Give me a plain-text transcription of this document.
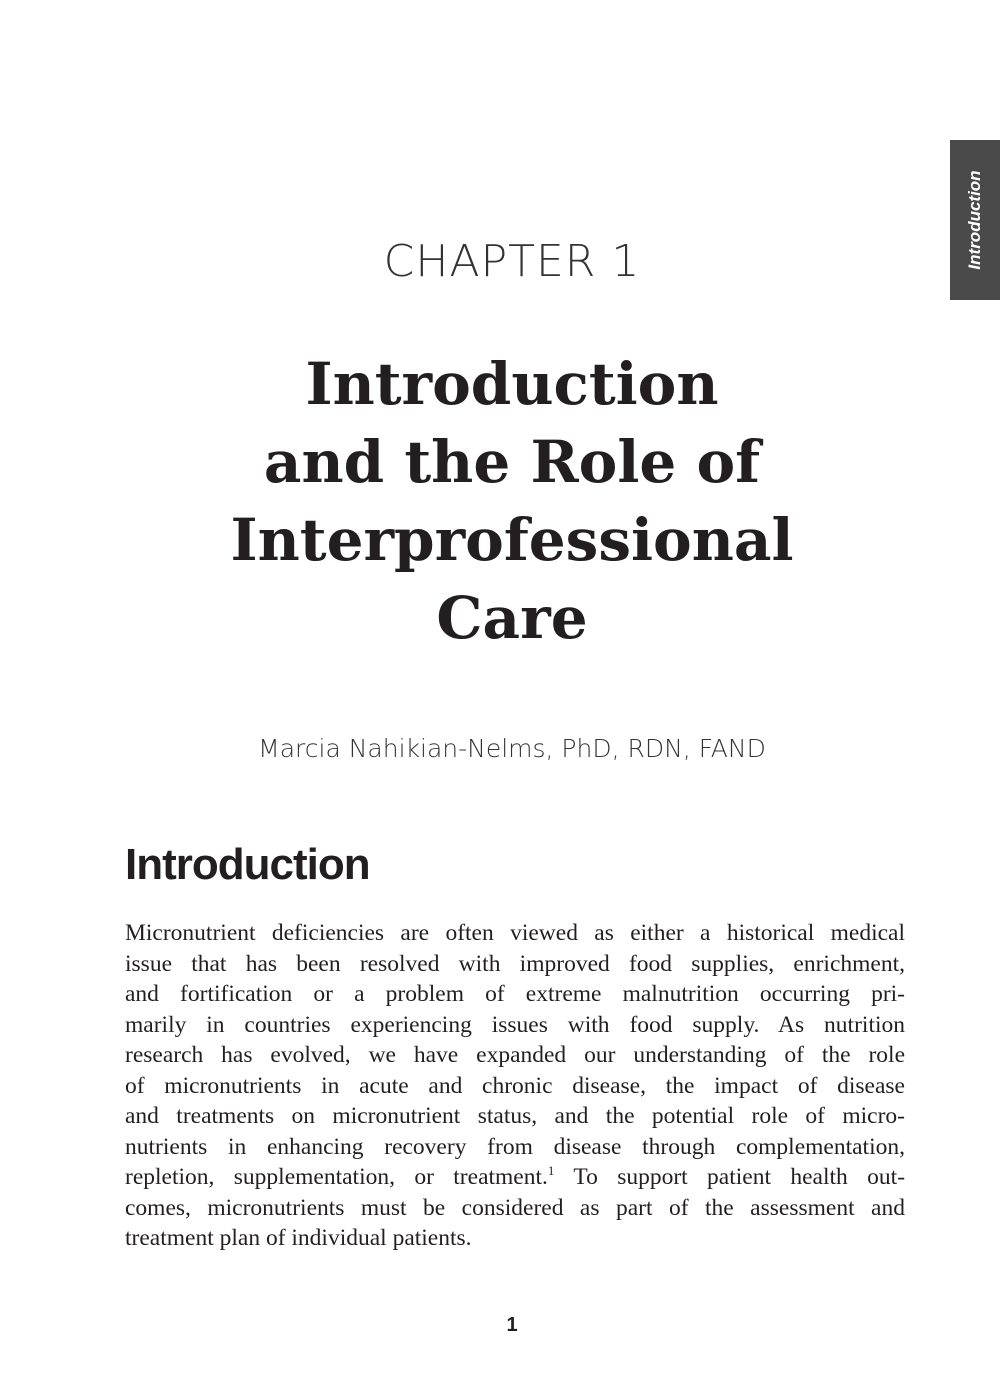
Introduction
CHAPTER 1
Introduction
and the Role of
Interprofessional
Care

Marcia Nahikian-Nelms, PhD, RDN, FAND

Introduction
Micronutrient deficiencies are often viewed as either a historical medical
issue that has been resolved with improved food supplies, enrichment,
and fortification or a problem of extreme malnutrition occurring pri-
marily in countries experiencing issues with food supply. As nutrition
research has evolved, we have expanded our understanding of the role
of micronutrients in acute and chronic disease, the impact of disease
and treatments on micronutrient status, and the potential role of micro-
nutrients in enhancing recovery from disease through complementation,
repletion, supplementation, or treatment.$^1$ To support patient health out-
comes, micronutrients must be considered as part of the assessment and
treatment plan of individual patients.
1
